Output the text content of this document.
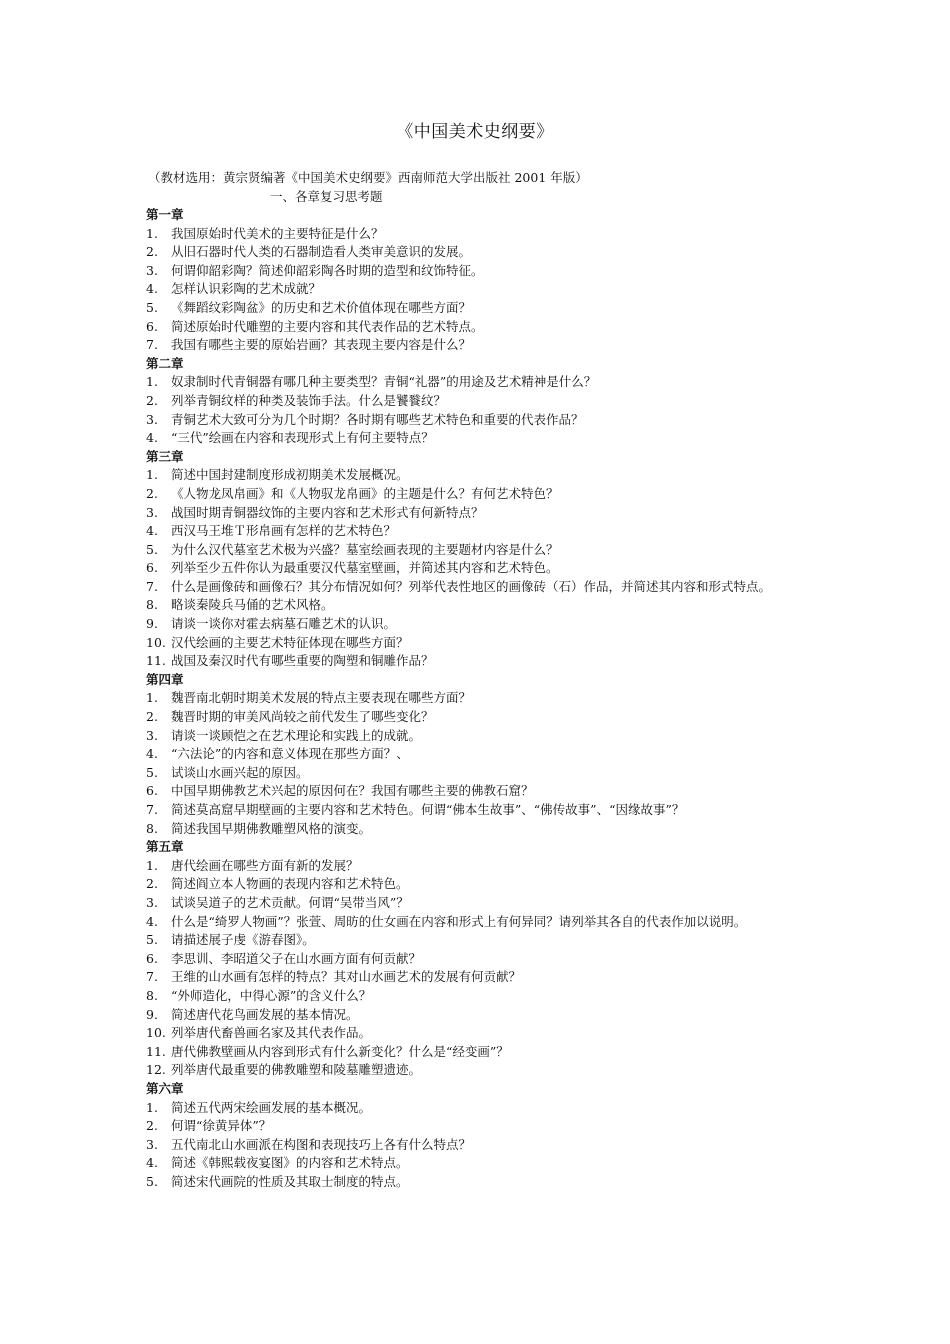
《中国美术史纲要》
（教材选用：黄宗贤编著《中国美术史纲要》西南师范大学出版社 2001 年版）
一、各章复习思考题
第一章
1.	我国原始时代美术的主要特征是什么？
2.	从旧石器时代人类的石器制造看人类审美意识的发展。
3.	何谓仰韶彩陶？简述仰韶彩陶各时期的造型和纹饰特征。
4.	怎样认识彩陶的艺术成就？
5.	《舞蹈纹彩陶盆》的历史和艺术价值体现在哪些方面？
6.	简述原始时代雕塑的主要内容和其代表作品的艺术特点。
7.	我国有哪些主要的原始岩画？其表现主要内容是什么？
第二章
1.	奴隶制时代青铜器有哪几种主要类型？青铜“礼器”的用途及艺术精神是什么？
2.	列举青铜纹样的种类及装饰手法。什么是饕餮纹？
3.	青铜艺术大致可分为几个时期？各时期有哪些艺术特色和重要的代表作品？
4.	“三代”绘画在内容和表现形式上有何主要特点？
第三章
1.	简述中国封建制度形成初期美术发展概况。
2.	《人物龙凤帛画》和《人物驭龙帛画》的主题是什么？有何艺术特色？
3.	战国时期青铜器纹饰的主要内容和艺术形式有何新特点？
4.	西汉马王堆Ｔ形帛画有怎样的艺术特色？
5.	为什么汉代墓室艺术极为兴盛？墓室绘画表现的主要题材内容是什么？
6.	列举至少五件你认为最重要汉代墓室壁画，并简述其内容和艺术特色。
7.	什么是画像砖和画像石？其分布情况如何？列举代表性地区的画像砖（石）作品，并简述其内容和形式特点。
8.	略谈秦陵兵马俑的艺术风格。
9.	请谈一谈你对霍去病墓石雕艺术的认识。
10. 汉代绘画的主要艺术特征体现在哪些方面？
11. 战国及秦汉时代有哪些重要的陶塑和铜雕作品？
第四章
1.	魏晋南北朝时期美术发展的特点主要表现在哪些方面？
2.	魏晋时期的审美风尚较之前代发生了哪些变化？
3.	请谈一谈顾恺之在艺术理论和实践上的成就。
4.	“六法论”的内容和意义体现在那些方面？、
5.	试谈山水画兴起的原因。
6.	中国早期佛教艺术兴起的原因何在？我国有哪些主要的佛教石窟？
7.	简述莫高窟早期壁画的主要内容和艺术特色。何谓“佛本生故事”、“佛传故事”、“因缘故事”？
8.	简述我国早期佛教雕塑风格的演变。
第五章
1.	唐代绘画在哪些方面有新的发展？
2.	简述阎立本人物画的表现内容和艺术特色。
3.	试谈吴道子的艺术贡献。何谓“吴带当风”？
4.	什么是“绮罗人物画”？张萱、周昉的仕女画在内容和形式上有何异同？请列举其各自的代表作加以说明。
5.	请描述展子虔《游春图》。
6.	李思训、李昭道父子在山水画方面有何贡献？
7.	王维的山水画有怎样的特点？其对山水画艺术的发展有何贡献？
8.	“外师造化，中得心源”的含义什么？
9.	简述唐代花鸟画发展的基本情况。
10. 列举唐代畜兽画名家及其代表作品。
11. 唐代佛教壁画从内容到形式有什么新变化？什么是“经变画”？
12. 列举唐代最重要的佛教雕塑和陵墓雕塑遗迹。
第六章
1.	简述五代两宋绘画发展的基本概况。
2.	何谓“徐黄异体”？
3.	五代南北山水画派在构图和表现技巧上各有什么特点？
4.	简述《韩熙载夜宴图》的内容和艺术特点。
5.	简述宋代画院的性质及其取士制度的特点。
